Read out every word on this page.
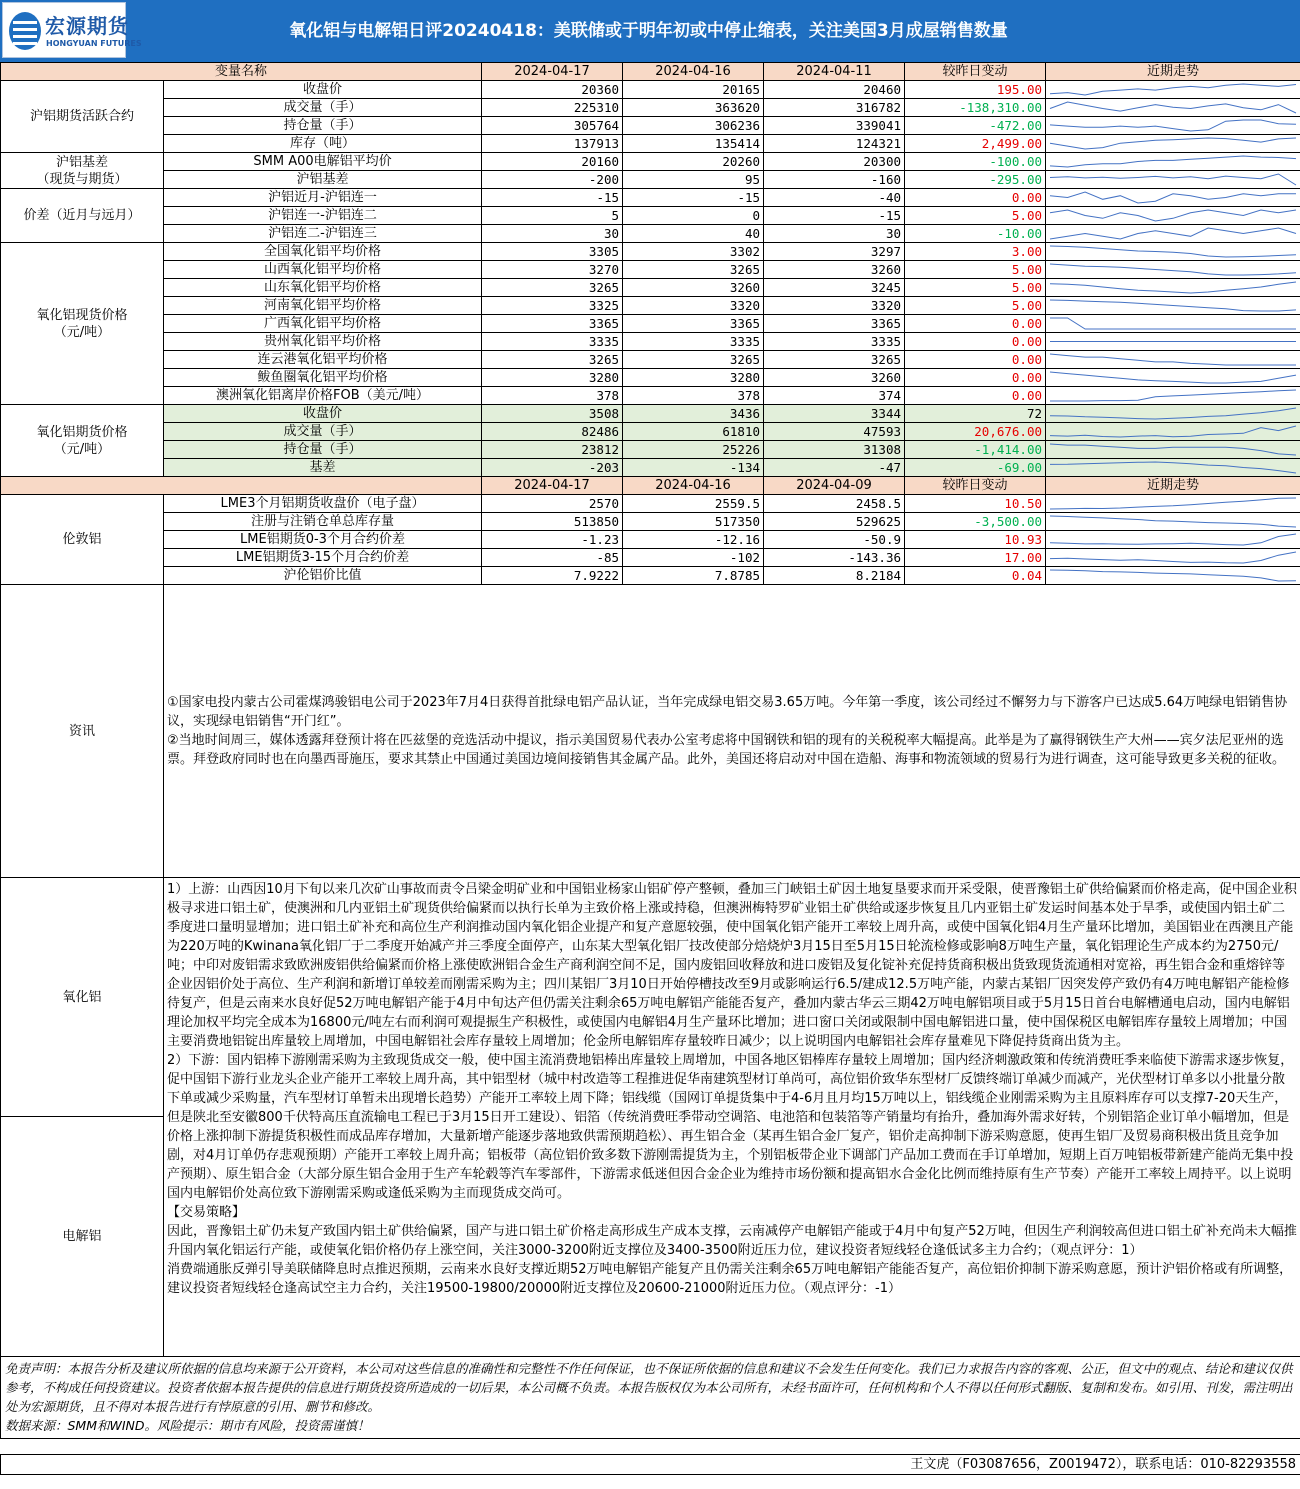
宏源期货
HONGYUAN FUTURES
氧化铝与电解铝日评20240418：美联储或于明年初或中停止缩表，关注美国3月成屋销售数量
变量名称		2024-04-17	2024-04-16	2024-04-11	较昨日变动	近期走势
沪铝期货活跃合约	收盘价	20360	20165	20460	195.00	

	成交量（手）	225310	363620	316782	-138,310.00	

	持仓量（手）	305764	306236	339041	-472.00	

	库存（吨）	137913	135414	124321	2,499.00	

沪铝基差
（现货与期货）	SMM A00电解铝平均价	20160	20260	20300	-100.00	

	沪铝基差	-200	95	-160	-295.00	

价差（近月与远月）	沪铝近月-沪铝连一	-15	-15	-40	0.00	

	沪铝连一-沪铝连二	5	0	-15	5.00	

	沪铝连二-沪铝连三	30	40	30	-10.00	

氧化铝现货价格
（元/吨）	全国氧化铝平均价格	3305	3302	3297	3.00	

	山西氧化铝平均价格	3270	3265	3260	5.00	

	山东氧化铝平均价格	3265	3260	3245	5.00	

	河南氧化铝平均价格	3325	3320	3320	5.00	

	广西氧化铝平均价格	3365	3365	3365	0.00	

	贵州氧化铝平均价格	3335	3335	3335	0.00	

	连云港氧化铝平均价格	3265	3265	3265	0.00	

	鲅鱼圈氧化铝平均价格	3280	3280	3260	0.00	

	澳洲氧化铝离岸价格FOB（美元/吨）	378	378	374	0.00	

氧化铝期货价格
（元/吨）	收盘价	3508	3436	3344	72	

	成交量（手）	82486	61810	47593	20,676.00	

	持仓量（手）	23812	25226	31308	-1,414.00	

	基差	-203	-134	-47	-69.00	

		2024-04-17	2024-04-16	2024-04-09	较昨日变动	近期走势
伦敦铝	LME3个月铝期货收盘价（电子盘）	2570	2559.5	2458.5	10.50	

	注册与注销仓单总库存量	513850	517350	529625	-3,500.00	

	LME铝期货0-3个月合约价差	-1.23	-12.16	-50.9	10.93	

	LME铝期货3-15个月合约价差	-85	-102	-143.36	17.00	

	沪伦铝价比值	7.9222	7.8785	8.2184	0.04	

资讯	①国家电投内蒙古公司霍煤鸿骏铝电公司于2023年7月4日获得首批绿电铝产品认证，当年完成绿电铝交易3.65万吨。今年第一季度，该公司经过不懈努力与下游客户已达成5.64万吨绿电铝销售协议，实现绿电铝销售“开门红”。

②当地时间周三，媒体透露拜登预计将在匹兹堡的竞选活动中提议，指示美国贸易代表办公室考虑将中国钢铁和铝的现有的关税税率大幅提高。此举是为了赢得钢铁生产大州——宾夕法尼亚州的选票。拜登政府同时也在向墨西哥施压，要求其禁止中国通过美国边境间接销售其金属产品。此外，美国还将启动对中国在造船、海事和物流领域的贸易行为进行调查，这可能导致更多关税的征收。					

氧化铝	1）上游：山西因10月下旬以来几次矿山事故而责令吕梁金明矿业和中国铝业杨家山铝矿停产整顿，叠加三门峡铝土矿因土地复垦要求而开采受限，使晋豫铝土矿供给偏紧而价格走高，促中国企业积极寻求进口铝土矿，使澳洲和几内亚铝土矿现货供给偏紧而以执行长单为主致价格上涨或持稳，但澳洲梅特罗矿业铝土矿供给或逐步恢复且几内亚铝土矿发运时间基本处于旱季，或使国内铝土矿二季度进口量明显增加；进口铝土矿补充和高位生产利润推动国内氧化铝企业提产和复产意愿较强，使中国氧化铝产能开工率较上周升高，或使中国氧化铝4月生产量环比增加，美国铝业在西澳且产能为220万吨的Kwinana氧化铝厂于二季度开始减产并三季度全面停产，山东某大型氧化铝厂技改使部分焙烧炉3月15日至5月15日轮流检修或影响8万吨生产量，氧化铝理论生产成本约为2750元/吨；中印对废铝需求致欧洲废铝供给偏紧而价格上涨使欧洲铝合金生产商利润空间不足，国内废铝回收释放和进口废铝及复化锭补充促持货商积极出货致现货流通相对宽裕，再生铝合金和重熔锌等企业因铝价处于高位、生产利润和新增订单较差而刚需采购为主；四川某铝厂3月10日开始停槽技改至9月或影响运行6.5/建成12.5万吨产能，内蒙古某铝厂因突发停产致仍有4万吨电解铝产能检修待复产，但是云南来水良好促52万吨电解铝产能于4月中旬达产但仍需关注剩余65万吨电解铝产能能否复产，叠加内蒙古华云三期42万吨电解铝项目或于5月15日首台电解槽通电启动，国内电解铝理论加权平均完全成本为16800元/吨左右而利润可观提振生产积极性，或使国内电解铝4月生产量环比增加；进口窗口关闭或限制中国电解铝进口量，使中国保税区电解铝库存量较上周增加；中国主要消费地铝锭出库量较上周增加，中国电解铝社会库存量较上周增加；伦金所电解铝库存量较昨日减少；以上说明国内电解铝社会库存量难见下降促持货商出货为主。

2）下游：国内铝棒下游刚需采购为主致现货成交一般，使中国主流消费地铝棒出库量较上周增加，中国各地区铝棒库存量较上周增加；国内经济刺激政策和传统消费旺季来临使下游需求逐步恢复，促中国铝下游行业龙头企业产能开工率较上周升高，其中铝型材（城中村改造等工程推进促华南建筑型材订单尚可，高位铝价致华东型材厂反馈终端订单减少而减产，光伏型材订单多以小批量分散下单或减少采购量，汽车型材订单暂未出现增长趋势）产能开工率较上周下降；铝线缆（国网订单提货集中于4-6月且月均15万吨以上，铝线缆企业刚需采购为主且原料库存可以支撑7-20天生产，但是陕北至安徽800千伏特高压直流输电工程已于3月15日开工建设）、铝箔（传统消费旺季带动空调箔、电池箔和包装箔等产销量均有抬升，叠加海外需求好转，个别铝箔企业订单小幅增加，但是价格上涨抑制下游提货积极性而成品库存增加，大量新增产能逐步落地致供需预期趋松）、再生铝合金（某再生铝合金厂复产，铝价走高抑制下游采购意愿，使再生铝厂及贸易商积极出货且竞争加剧，对4月订单仍存悲观预期）产能开工率较上周升高；铝板带（高位铝价致多数下游刚需提货为主，个别铝板带企业下调部门产品加工费而在手订单增加，短期上百万吨铝板带新建产能尚无集中投产预期）、原生铝合金（大部分原生铝合金用于生产车轮毂等汽车零部件，下游需求低迷但因合金企业为维持市场份额和提高铝水合金化比例而维持原有生产节奏）产能开工率较上周持平。以上说明国内电解铝价处高位致下游刚需采购或逢低采购为主而现货成交尚可。

【交易策略】

因此，晋豫铝土矿仍未复产致国内铝土矿供给偏紧，国产与进口铝土矿价格走高形成生产成本支撑，云南减停产电解铝产能或于4月中旬复产52万吨，但因生产利润较高但进口铝土矿补充尚未大幅推升国内氧化铝运行产能，或使氧化铝价格仍存上涨空间，关注3000-3200附近支撑位及3400-3500附近压力位，建议投资者短线轻仓逢低试多主力合约；（观点评分：1）

消费端通胀反弹引导美联储降息时点推迟预期，云南来水良好支撑近期52万吨电解铝产能复产且仍需关注剩余65万吨电解铝产能能否复产，高位铝价抑制下游采购意愿，预计沪铝价格或有所调整，建议投资者短线轻仓逢高试空主力合约，关注19500-19800/20000附近支撑位及20600-21000附近压力位。（观点评分：-1）					

电解铝						

免责声明：本报告分析及建议所依据的信息均来源于公开资料，本公司对这些信息的准确性和完整性不作任何保证，也不保证所依据的信息和建议不会发生任何变化。我们已力求报告内容的客观、公正，但文中的观点、结论和建议仅供参考，不构成任何投资建议。投资者依据本报告提供的信息进行期货投资所造成的一切后果，本公司概不负责。本报告版权仅为本公司所有，未经书面许可，任何机构和个人不得以任何形式翻版、复制和发布。如引用、刊发，需注明出处为宏源期货，且不得对本报告进行有悖原意的引用、删节和修改。
数据来源：SMM和WIND。风险提示：期市有风险，投资需谨慎！						

王文虎（F03087656，Z0019472），联系电话：010-82293558						
